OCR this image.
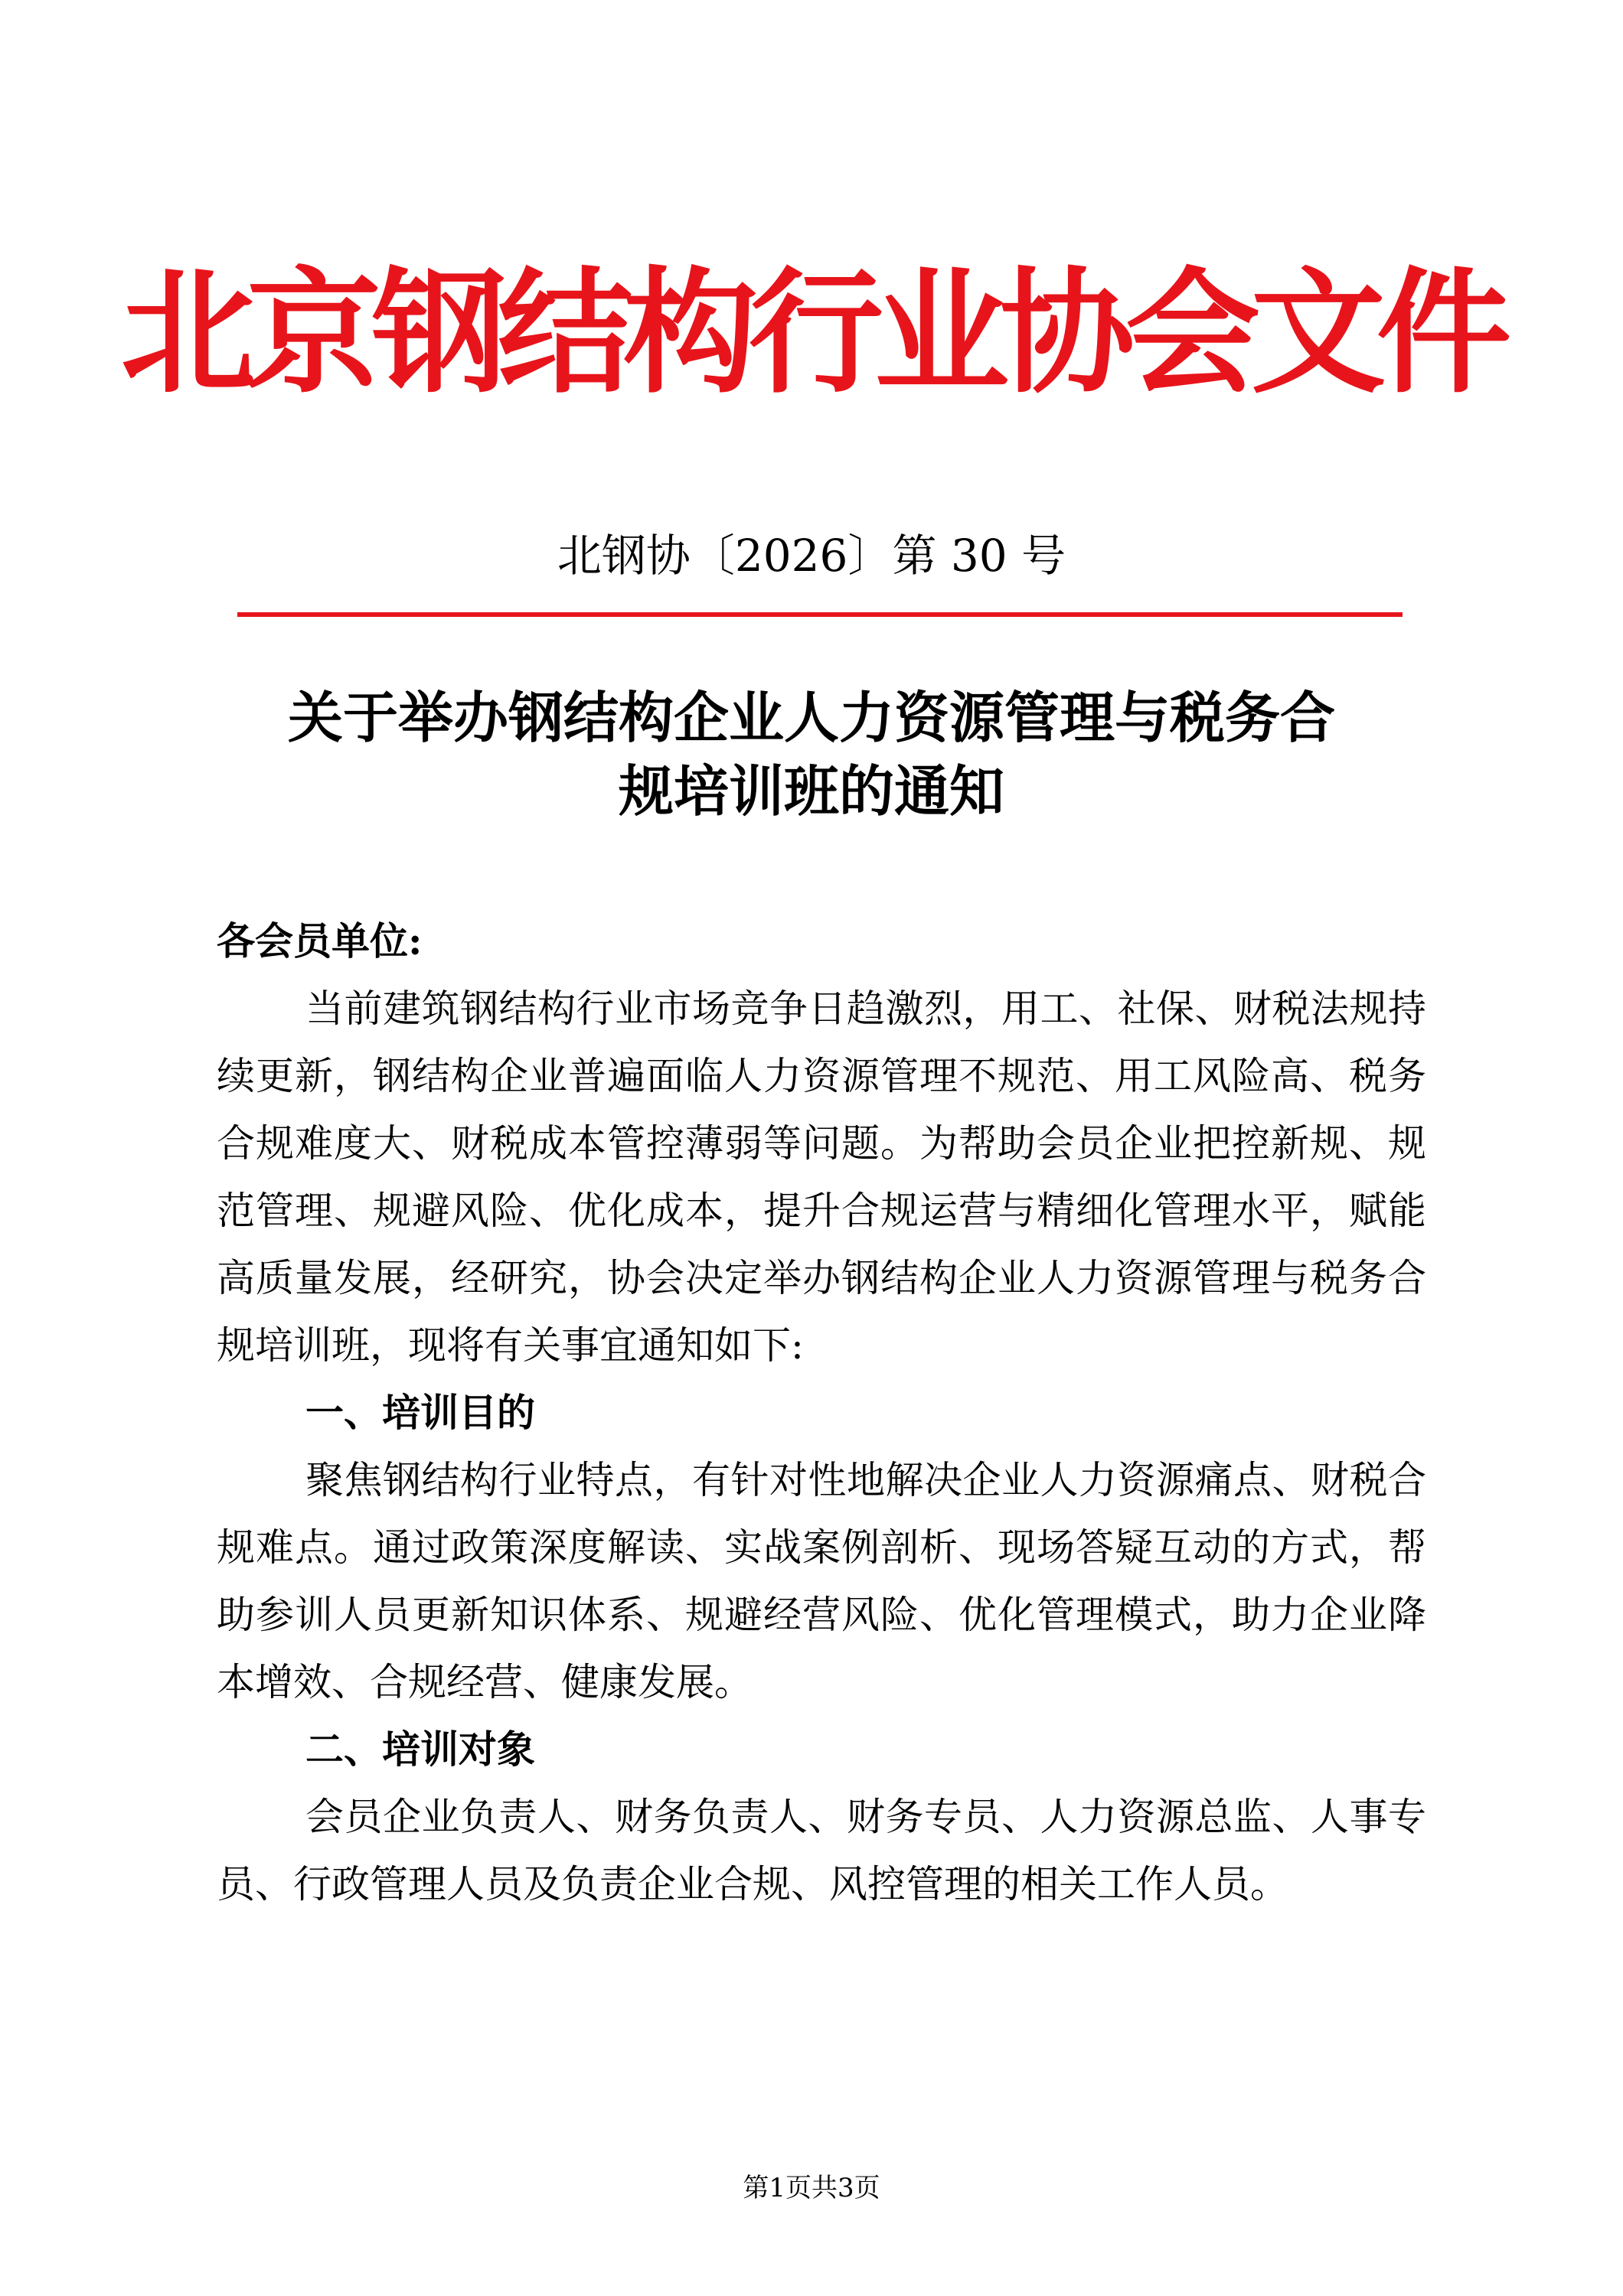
北京钢结构行业协会文件
北钢协〔2026〕第 30 号
关于举办钢结构企业人力资源管理与税务合
规培训班的通知

各会员单位:

当前建筑钢结构行业市场竞争日趋激烈，用工、社保、财税法规持续更新，钢结构企业普遍面临人力资源管理不规范、用工风险高、税务合规难度大、财税成本管控薄弱等问题。为帮助会员企业把控新规、规范管理、规避风险、优化成本，提升合规运营与精细化管理水平，赋能高质量发展，经研究，协会决定举办钢结构企业人力资源管理与税务合规培训班，现将有关事宜通知如下:

一、培训目的

聚焦钢结构行业特点，有针对性地解决企业人力资源痛点、财税合规难点。通过政策深度解读、实战案例剖析、现场答疑互动的方式，帮助参训人员更新知识体系、规避经营风险、优化管理模式，助力企业降本增效、合规经营、健康发展。

二、培训对象

会员企业负责人、财务负责人、财务专员、人力资源总监、人事专员、行政管理人员及负责企业合规、风控管理的相关工作人员。

第1页共3页
